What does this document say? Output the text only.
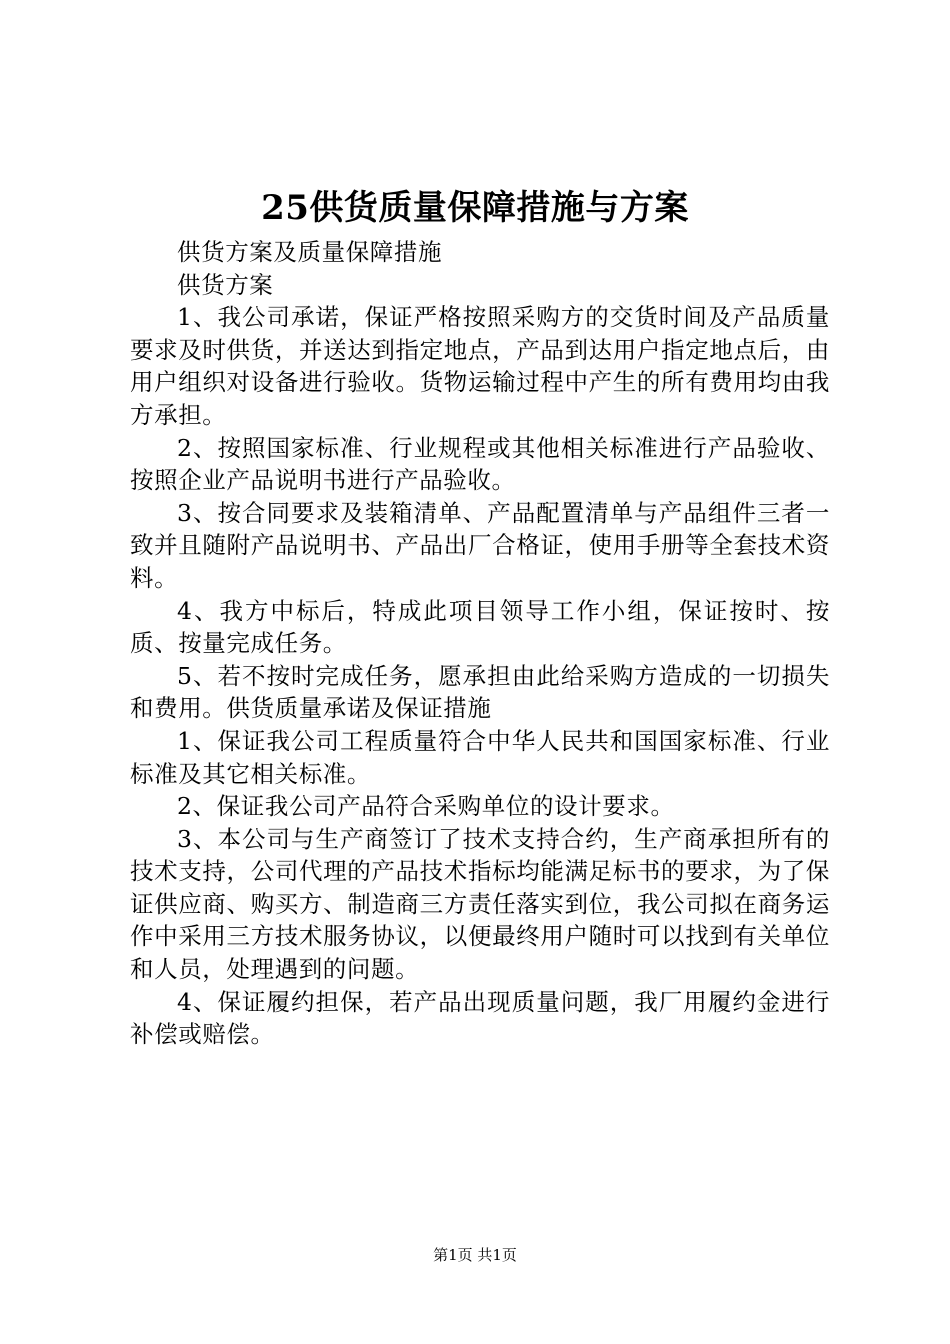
25供货质量保障措施与方案

供货方案及质量保障措施

供货方案

1、我公司承诺，保证严格按照采购方的交货时间及产品质量要求及时供货，并送达到指定地点，产品到达用户指定地点后，由用户组织对设备进行验收。货物运输过程中产生的所有费用均由我方承担。

2、按照国家标准、行业规程或其他相关标准进行产品验收、按照企业产品说明书进行产品验收。

3、按合同要求及装箱清单、产品配置清单与产品组件三者一致并且随附产品说明书、产品出厂合格证，使用手册等全套技术资料。

4、我方中标后，特成此项目领导工作小组，保证按时、按质、按量完成任务。

5、若不按时完成任务，愿承担由此给采购方造成的一切损失和费用。供货质量承诺及保证措施

1、保证我公司工程质量符合中华人民共和国国家标准、行业标准及其它相关标准。

2、保证我公司产品符合采购单位的设计要求。

3、本公司与生产商签订了技术支持合约，生产商承担所有的技术支持，公司代理的产品技术指标均能满足标书的要求，为了保证供应商、购买方、制造商三方责任落实到位，我公司拟在商务运作中采用三方技术服务协议，以便最终用户随时可以找到有关单位和人员，处理遇到的问题。

4、保证履约担保，若产品出现质量问题，我厂用履约金进行补偿或赔偿。

第1页 共1页
